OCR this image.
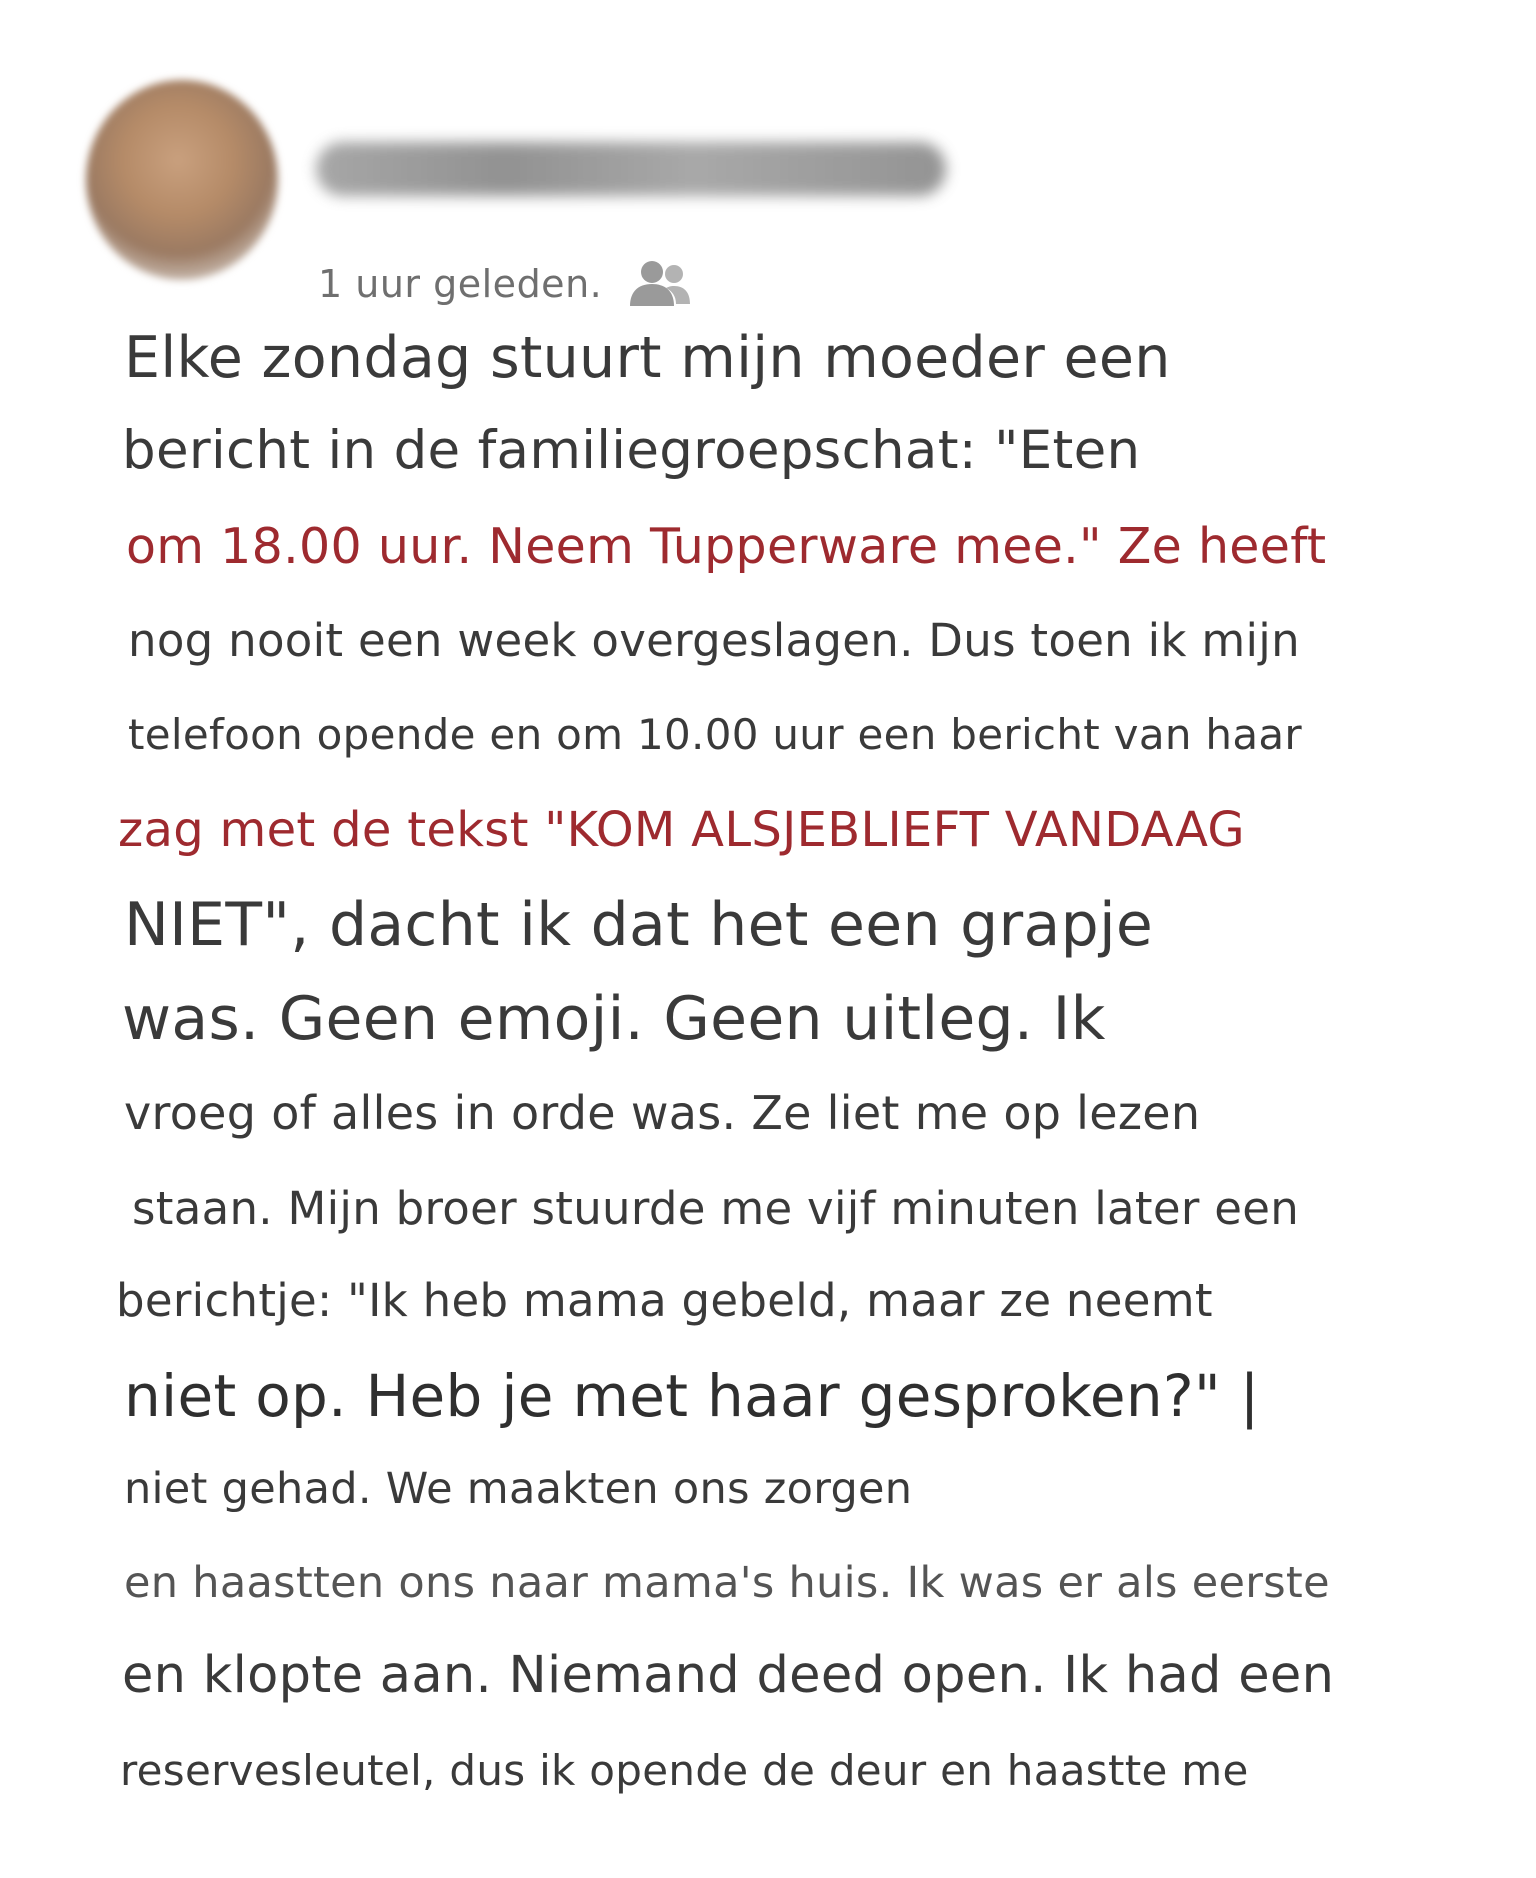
1 uur geleden.
Elke zondag stuurt mijn moeder een
bericht in de familiegroepschat: "Eten
om 18.00 uur. Neem Tupperware mee." Ze heeft
nog nooit een week overgeslagen. Dus toen ik mijn
telefoon opende en om 10.00 uur een bericht van haar
zag met de tekst "KOM ALSJEBLIEFT VANDAAG
NIET", dacht ik dat het een grapje
was. Geen emoji. Geen uitleg. Ik
vroeg of alles in orde was. Ze liet me op lezen
staan. Mijn broer stuurde me vijf minuten later een
berichtje: "Ik heb mama gebeld, maar ze neemt
niet op. Heb je met haar gesproken?" |
niet gehad. We maakten ons zorgen
en haastten ons naar mama's huis. Ik was er als eerste
en klopte aan. Niemand deed open. Ik had een
reservesleutel, dus ik opende de deur en haastte me
